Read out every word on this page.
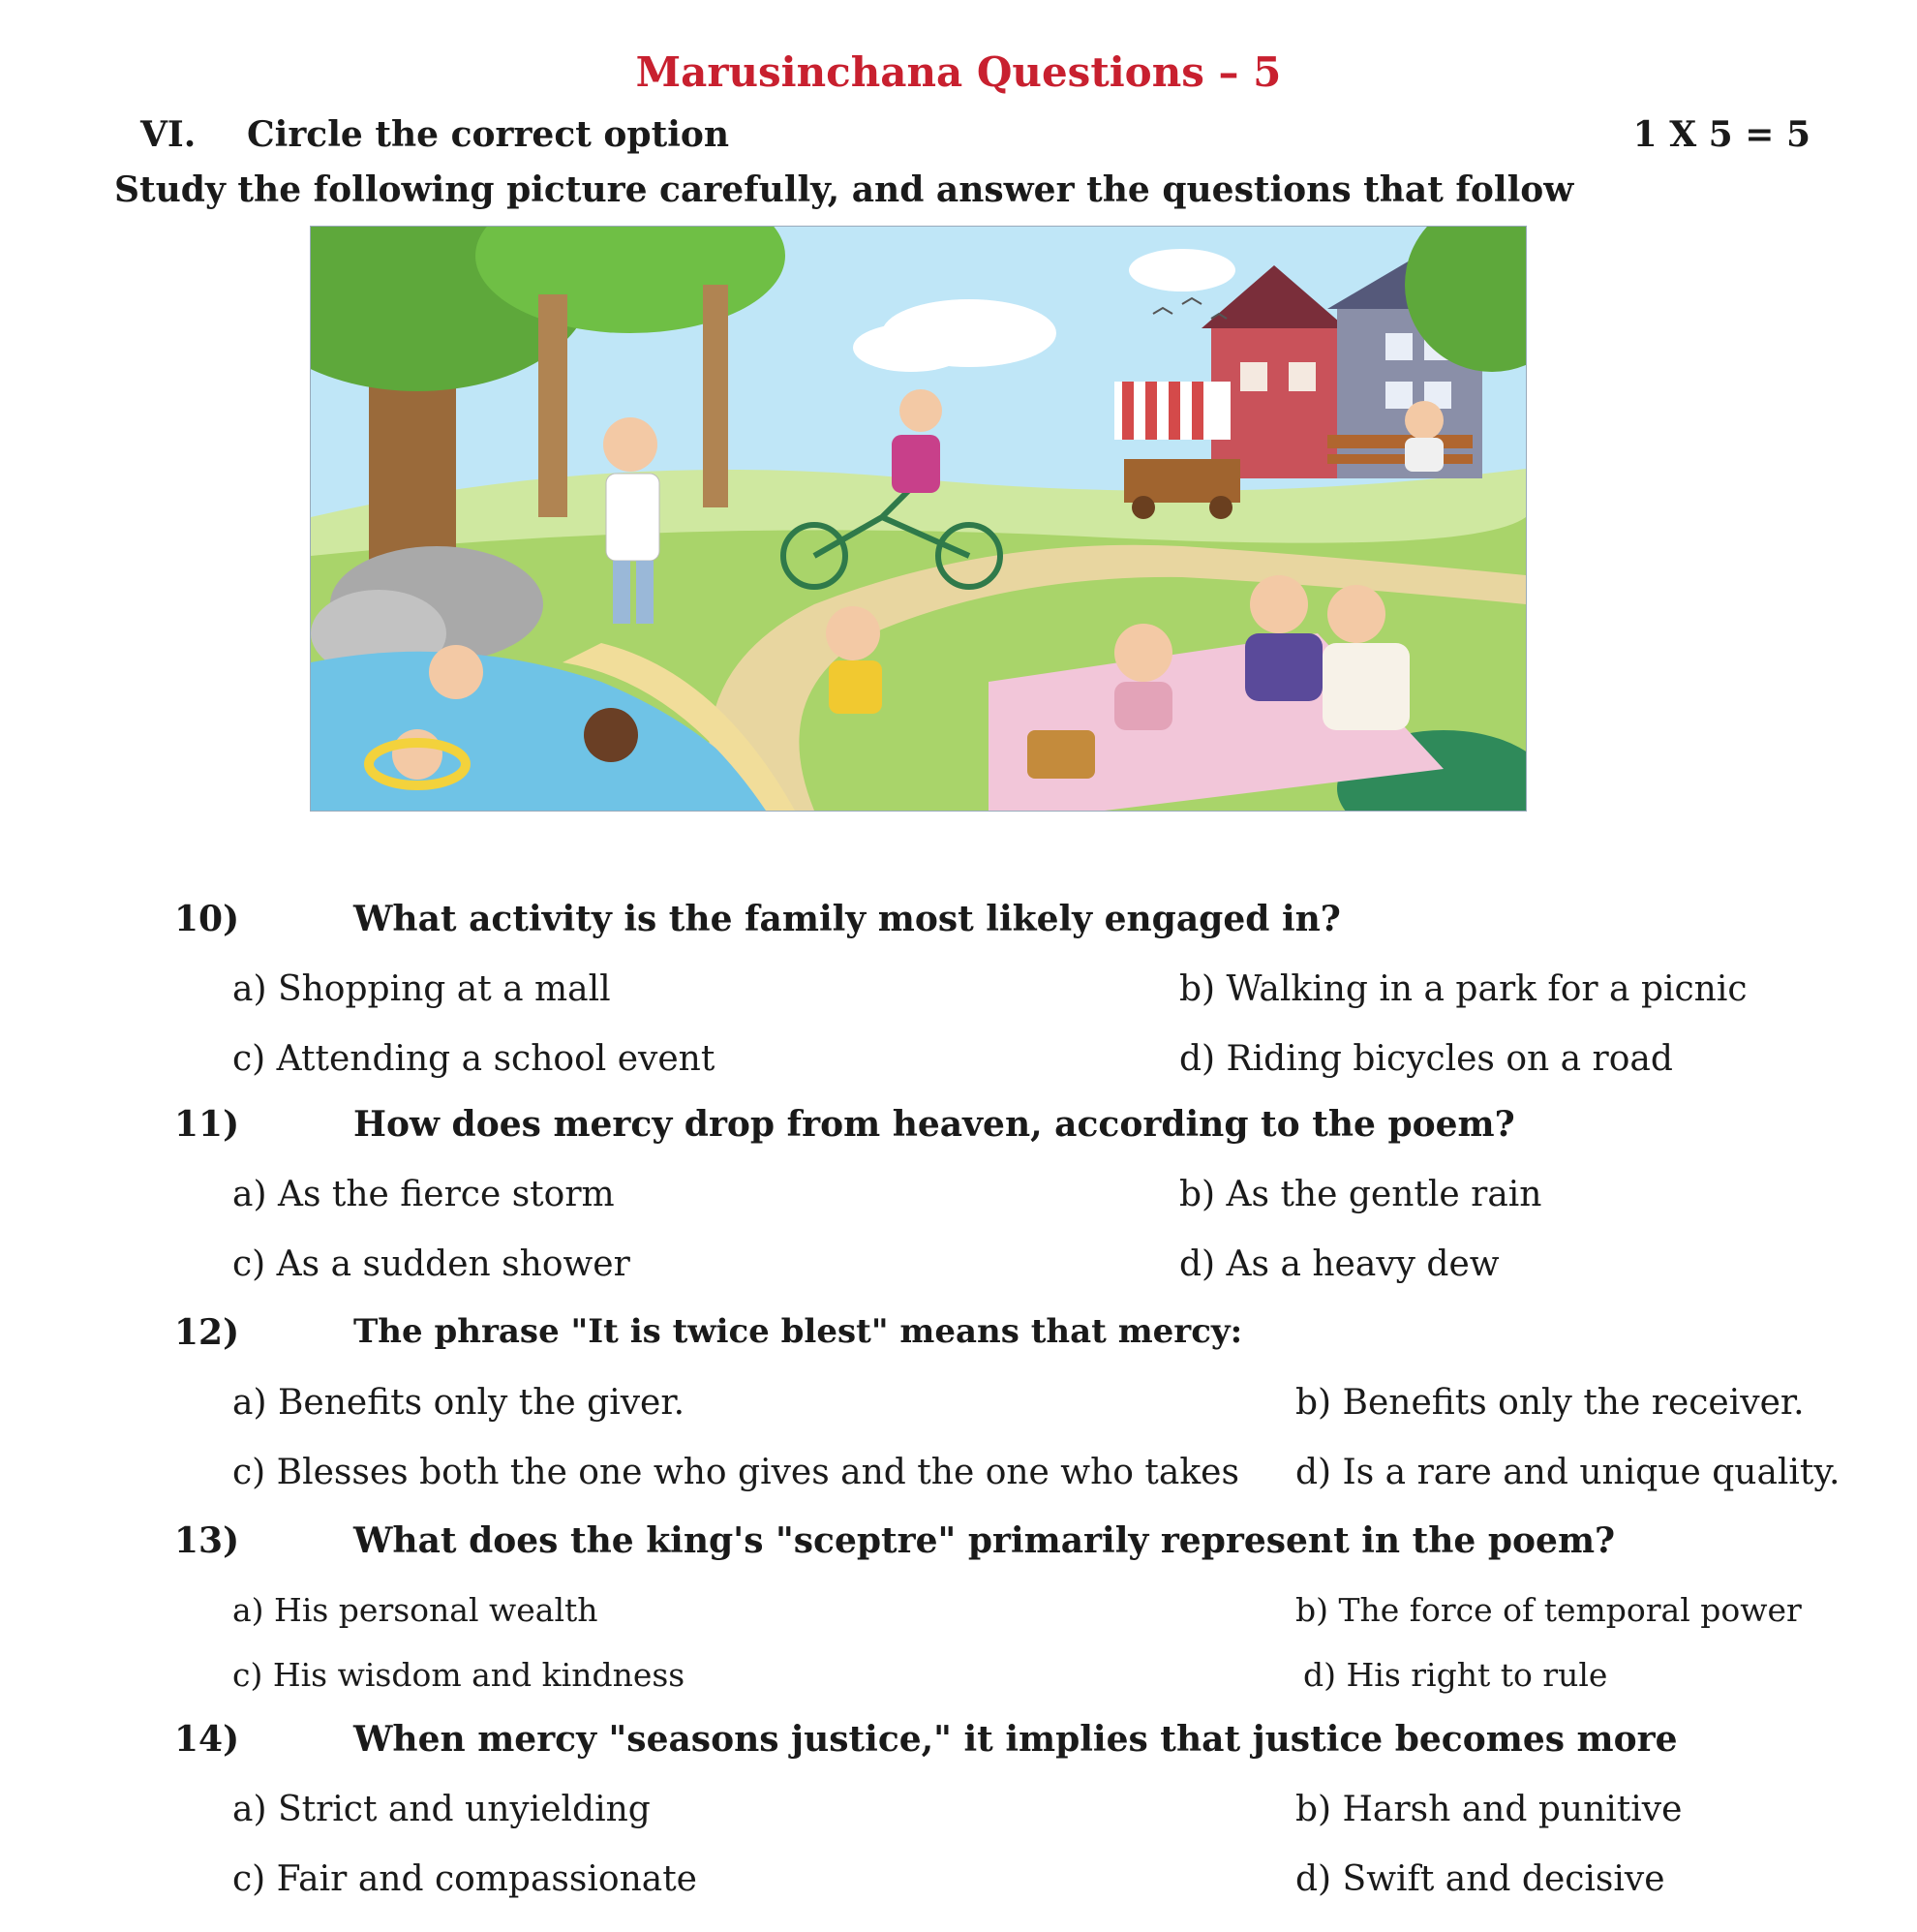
Marusinchana Questions – 5
VI. Circle the correct option	1 X 5 = 5
Study the following picture carefully, and answer the questions that follow
10)	What activity is the family most likely engaged in?
a) Shopping at a mall	b) Walking in a park for a picnic
c) Attending a school event	d) Riding bicycles on a road
11)	How does mercy drop from heaven, according to the poem?
a) As the fierce storm	b) As the gentle rain
c) As a sudden shower	d) As a heavy dew
12)	The phrase "It is twice blest" means that mercy:
a) Benefits only the giver.	b) Benefits only the receiver.
c) Blesses both the one who gives and the one who takes d) Is a rare and unique quality.
13)	What does the king's "sceptre" primarily represent in the poem?
a) His personal wealth	b) The force of temporal power
c) His wisdom and kindness	d) His right to rule
14)	When mercy "seasons justice," it implies that justice becomes more
a) Strict and unyielding	b) Harsh and punitive
c) Fair and compassionate	d) Swift and decisive
